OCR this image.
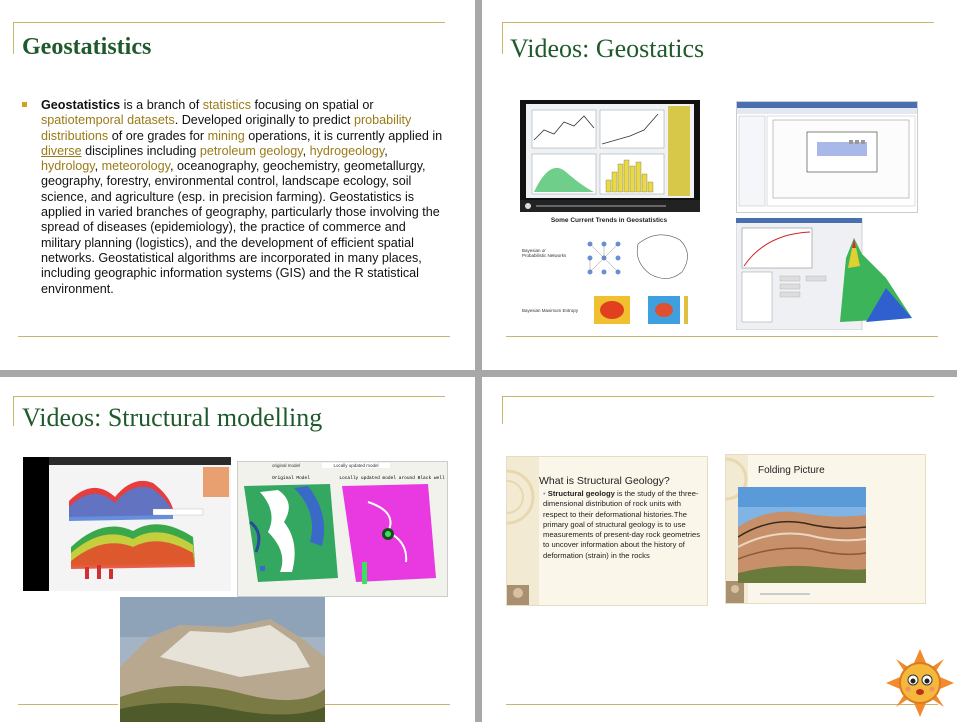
Geostatistics

Geostatistics is a branch of statistics focusing on spatial or spatiotemporal datasets. Developed originally to predict probability distributions of ore grades for mining operations, it is currently applied in diverse disciplines including petroleum geology, hydrogeology, hydrology, meteorology, oceanography, geochemistry, geometallurgy, geography, forestry, environmental control, landscape ecology, soil science, and agriculture (esp. in precision farming). Geostatistics is applied in varied branches of geography, particularly those involving the spread of diseases (epidemiology), the practice of commerce and military planning (logistics), and the development of efficient spatial networks. Geostatistical algorithms are incorporated in many places, including geographic information systems (GIS) and the R statistical environment.

Videos: Geostatics
Some Current Trends in Geostatistics
Bayesian or Probabilistic Networks
Bayesian Maximum Entropy
Videos: Structural modelling
original model	Locally updated model
Original Model	Locally updated model around Black well	What is Structural Geology?
• Structural geology is the study of the three-dimensional distribution of rock units with respect to their deformational histories.The primary goal of structural geology is to use measurements of present-day rock geometries to uncover information about the history of deformation (strain) in the rocks
Folding Picture
